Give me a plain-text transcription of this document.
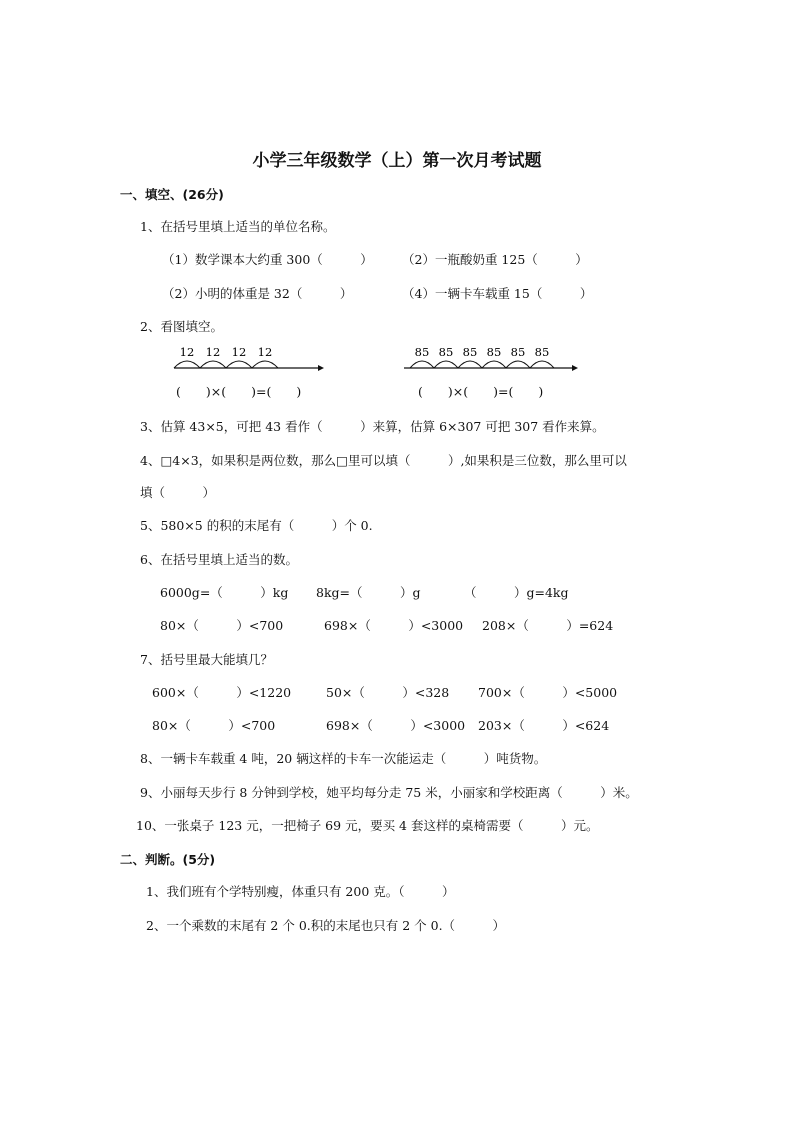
小学三年级数学（上）第一次月考试题
一、填空、(26分)
1、在括号里填上适当的单位名称。
（1）数学课本大约重 300（　　　） （2）一瓶酸奶重 125（　　　）
（2）小明的体重是 32（　　　）	（4）一辆卡车载重 15（　　　）
2、看图填空。
12 12 12 12	85 85 85 85 85 85
(　　)×(　　)=(　　)	(　　)×(　　)=(　　)
3、估算 43×5，可把 43 看作（　　　）来算，估算 6×307 可把 307 看作来算。
4、□4×3，如果积是两位数，那么□里可以填（　　　）,如果积是三位数，那么里可以
填（　　　）
5、580×5 的积的末尾有（　　　）个 0.
6、在括号里填上适当的数。
6000g=（　　　）kg 8kg=（　　　）g	（　　　）g=4kg
80×（　　　）<700	698×（　　　）<3000 208×（　　　）=624
7、括号里最大能填几？
600×（　　　）<1220	50×（　　　）<328 700×（　　　）<5000
80×（　　　）<700	698×（　　　）<3000 203×（　　　）<624
8、一辆卡车载重 4 吨，20 辆这样的卡车一次能运走（　　　）吨货物。
9、小丽每天步行 8 分钟到学校，她平均每分走 75 米，小丽家和学校距离（　　　）米。
10、一张桌子 123 元，一把椅子 69 元，要买 4 套这样的桌椅需要（　　　）元。
二、判断。(5分)
1、我们班有个学特别瘦，体重只有 200 克。（　　　）
2、一个乘数的末尾有 2 个 0.积的末尾也只有 2 个 0.（　　　）
